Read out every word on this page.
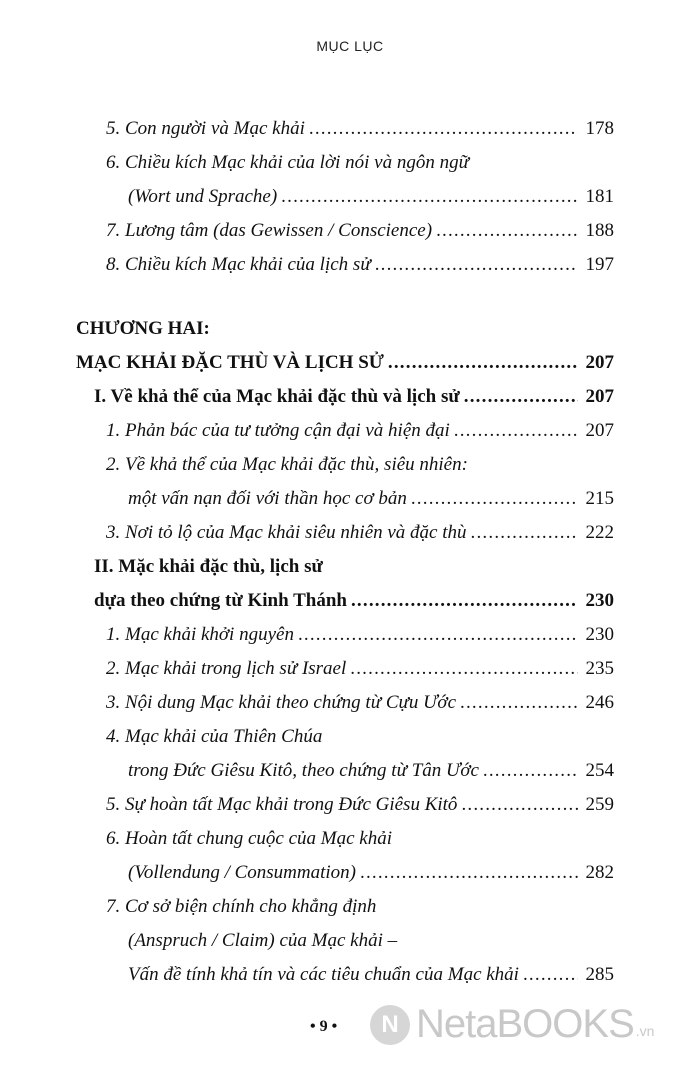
MỤC LỤC
5. Con người và Mạc khải .....	178
6. Chiều kích Mạc khải của lời nói và ngôn ngữ
(Wort und Sprache) .....	181
7. Lương tâm (das Gewissen / Conscience) .....	188
8. Chiều kích Mạc khải của lịch sử .....	197
CHƯƠNG HAI:
MẠC KHẢI ĐẶC THÙ VÀ LỊCH SỬ .....	207
I. Về khả thể của Mạc khải đặc thù và lịch sử .....	207
1. Phản bác của tư tưởng cận đại và hiện đại .....	207
2. Về khả thể của Mạc khải đặc thù, siêu nhiên:
một vấn nạn đối với thần học cơ bản .....	215
3. Nơi tỏ lộ của Mạc khải siêu nhiên và đặc thù .....	222
II. Mặc khải đặc thù, lịch sử
dựa theo chứng từ Kinh Thánh .....	230
1. Mạc khải khởi nguyên .....	230
2. Mạc khải trong lịch sử Israel .....	235
3. Nội dung Mạc khải theo chứng từ Cựu Ước .....	246
4. Mạc khải của Thiên Chúa
trong Đức Giêsu Kitô, theo chứng từ Tân Ước .....	254
5. Sự hoàn tất Mạc khải trong Đức Giêsu Kitô .....	259
6. Hoàn tất chung cuộc của Mạc khải
(Vollendung / Consummation) .....	282
7. Cơ sở biện chính cho khẳng định
(Anspruch / Claim) của Mạc khải –
Vấn đề tính khả tín và các tiêu chuẩn của Mạc khải .....	285
• 9 •	N NetaBOOKS .vn
